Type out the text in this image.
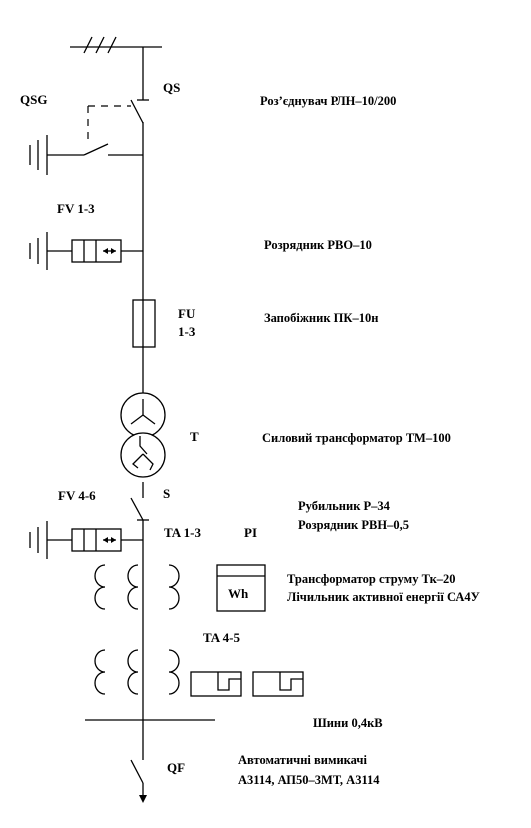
QSG
QS
FV 1-3
FU
1-3
T
S
FV 4-6
TA 1-3	PI
Wh
TA 4-5
QF
Роз’єднувач РЛН–10/200
Розрядник РВО–10
Запобіжник ПК–10н
Силовий трансформатор ТМ–100
Рубильник Р–34
Розрядник РВН–0,5
Трансформатор струму Тк–20
Лічильник активної енергії СА4У
Шини 0,4кВ
Автоматичні вимикачі
А3114, АП50–3МТ, А3114
